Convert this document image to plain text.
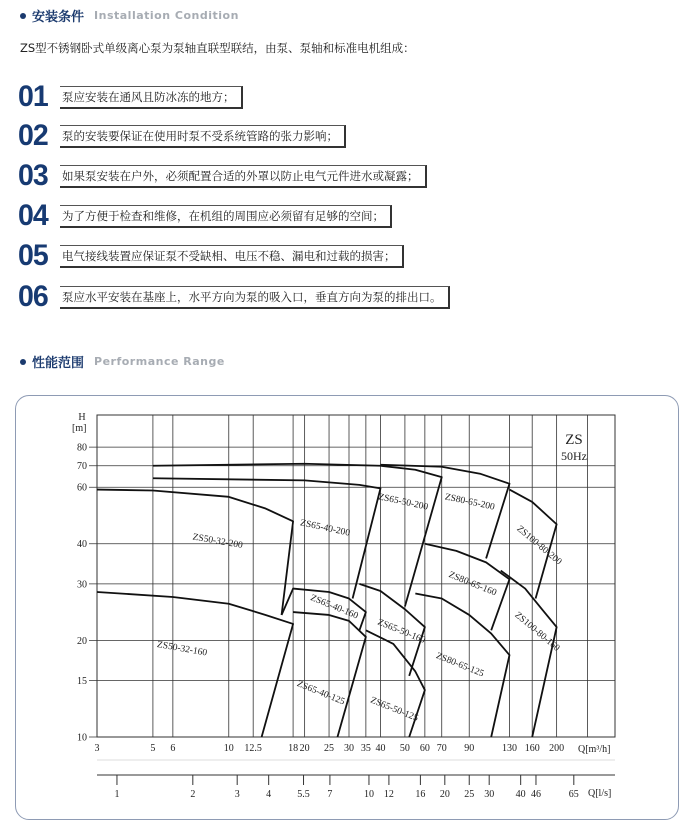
安装条件 Installation Condition
ZS型不锈钢卧式单级离心泵为泵轴直联型联结，由泵、泵轴和标准电机组成：
01	泵应安装在通风且防冰冻的地方；
02	泵的安装要保证在使用时泵不受系统管路的张力影响；
03	如果泵安装在户外，必须配置合适的外罩以防止电气元件进水或凝露；
04	为了方便于检查和维修，在机组的周围应必须留有足够的空间；
05	电气接线装置应保证泵不受缺相、电压不稳、漏电和过载的损害；
06	泵应水平安装在基座上，水平方向为泵的吸入口，垂直方向为泵的排出口。
性能范围 Performance Range
3	5 6	10 12.5	18 20 25 30 35 40 50 60 70 90	130 160 200
10
15
20
30
40
60
70
80
H
ZS
50Hz
1	2	3	4	5.5 7	10 12 16 20 25 30 40 46	65
ZS50-32-200
ZS50-32-160
ZS65-40-200
ZS65-50-200 ZS80-65-200
ZS100-80-200
ZS65-40-160
ZS65-40-125
ZS65-50-160
ZS65-50-125
ZS80-65-160
ZS80-65-125
ZS100-80-160
[m]
Q[m³/h]
Q[l/s]
